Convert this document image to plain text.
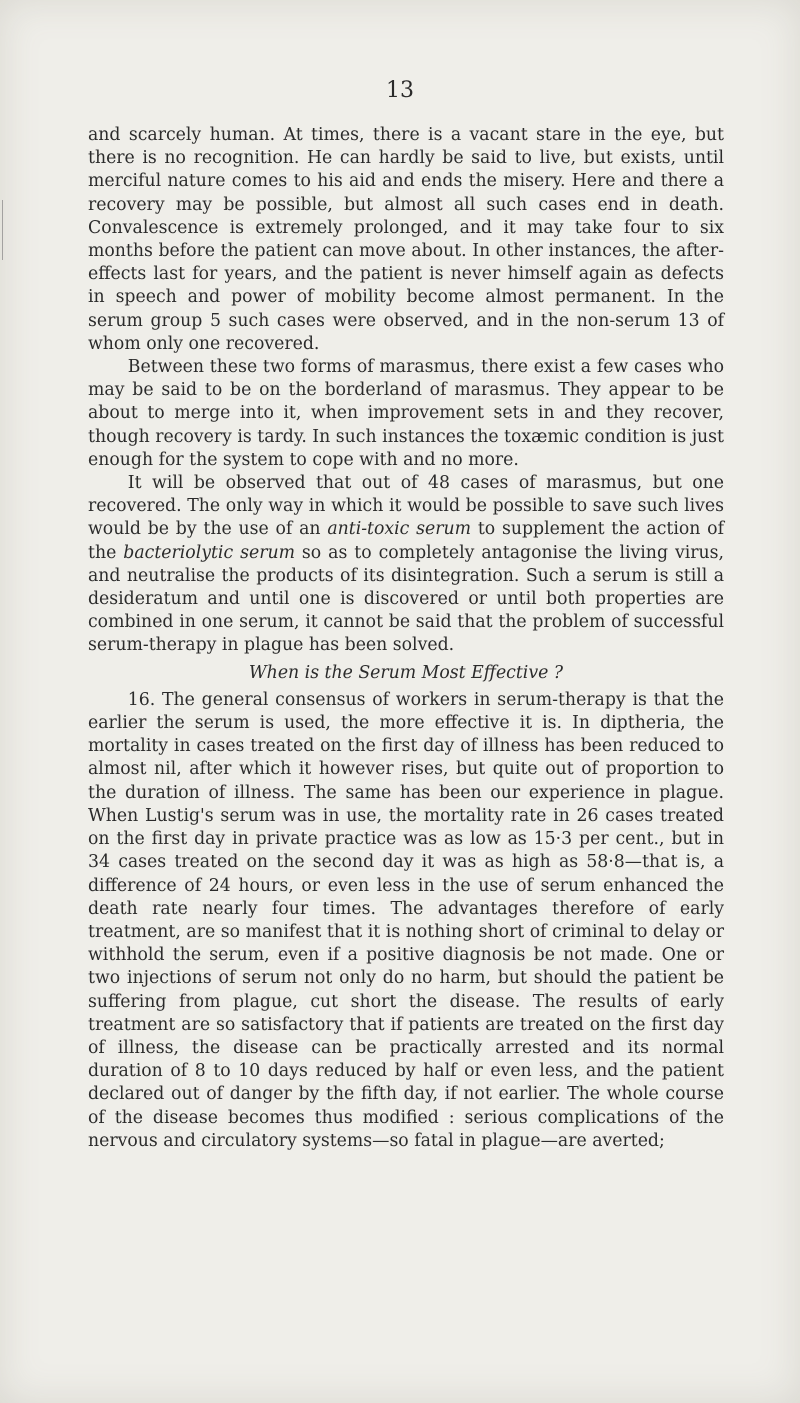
13

and scarcely human. At times, there is a vacant stare in the eye, but there is no recognition. He can hardly be said to live, but exists, until merciful nature comes to his aid and ends the misery. Here and there a recovery may be possible, but almost all such cases end in death. Convalescence is extremely prolonged, and it may take four to six months before the patient can move about. In other instances, the after-effects last for years, and the patient is never himself again as defects in speech and power of mobility become almost permanent. In the serum group 5 such cases were observed, and in the non-serum 13 of whom only one recovered.

Between these two forms of marasmus, there exist a few cases who may be said to be on the borderland of marasmus. They appear to be about to merge into it, when improvement sets in and they recover, though recovery is tardy. In such instances the toxæmic condition is just enough for the system to cope with and no more.

It will be observed that out of 48 cases of marasmus, but one recovered. The only way in which it would be possible to save such lives would be by the use of an anti-toxic serum to supplement the action of the bacteriolytic serum so as to completely antagonise the living virus, and neutralise the products of its disintegration. Such a serum is still a desideratum and until one is discovered or until both properties are combined in one serum, it cannot be said that the problem of successful serum-therapy in plague has been solved.

When is the Serum Most Effective ?

16. The general consensus of workers in serum-therapy is that the earlier the serum is used, the more effective it is. In diptheria, the mortality in cases treated on the first day of illness has been reduced to almost nil, after which it however rises, but quite out of proportion to the duration of illness. The same has been our experience in plague. When Lustig's serum was in use, the mortality rate in 26 cases treated on the first day in private practice was as low as 15·3 per cent., but in 34 cases treated on the second day it was as high as 58·8—that is, a difference of 24 hours, or even less in the use of serum enhanced the death rate nearly four times. The advantages therefore of early treatment, are so manifest that it is nothing short of criminal to delay or withhold the serum, even if a positive diagnosis be not made. One or two injections of serum not only do no harm, but should the patient be suffering from plague, cut short the disease. The results of early treatment are so satisfactory that if patients are treated on the first day of illness, the disease can be practically arrested and its normal duration of 8 to 10 days reduced by half or even less, and the patient declared out of danger by the fifth day, if not earlier. The whole course of the disease becomes thus modified : serious complications of the nervous and circulatory systems—so fatal in plague—are averted;
